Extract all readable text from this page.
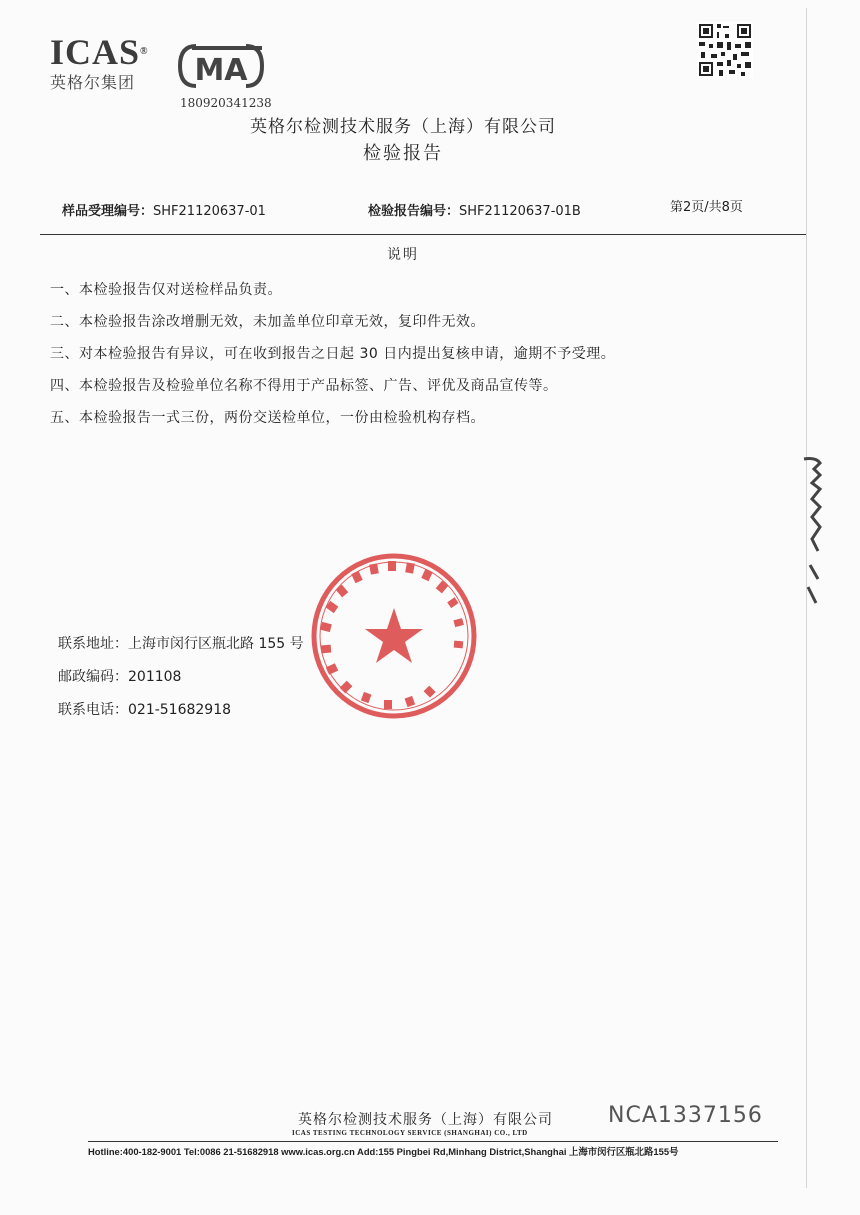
ICAS®
英格尔集团	MA
180920341238
英格尔检测技术服务（上海）有限公司
检验报告
样品受理编号：SHF21120637-01	检验报告编号：SHF21120637-01B	第2页/共8页
说明
一、本检验报告仅对送检样品负责。
二、本检验报告涂改增删无效，未加盖单位印章无效，复印件无效。
三、对本检验报告有异议，可在收到报告之日起 30 日内提出复核申请，逾期不予受理。
四、本检验报告及检验单位名称不得用于产品标签、广告、评优及商品宣传等。
五、本检验报告一式三份，两份交送检单位，一份由检验机构存档。
联系地址：上海市闵行区瓶北路 155 号
邮政编码：201108
联系电话：021-51682918
英格尔检测技术服务（上海）有限公司
ICAS TESTING TECHNOLOGY SERVICE (SHANGHAI) CO., LTD
NCA1337156
Hotline:400-182-9001 Tel:0086 21-51682918 www.icas.org.cn Add:155 Pingbei Rd,Minhang District,Shanghai 上海市闵行区瓶北路155号
